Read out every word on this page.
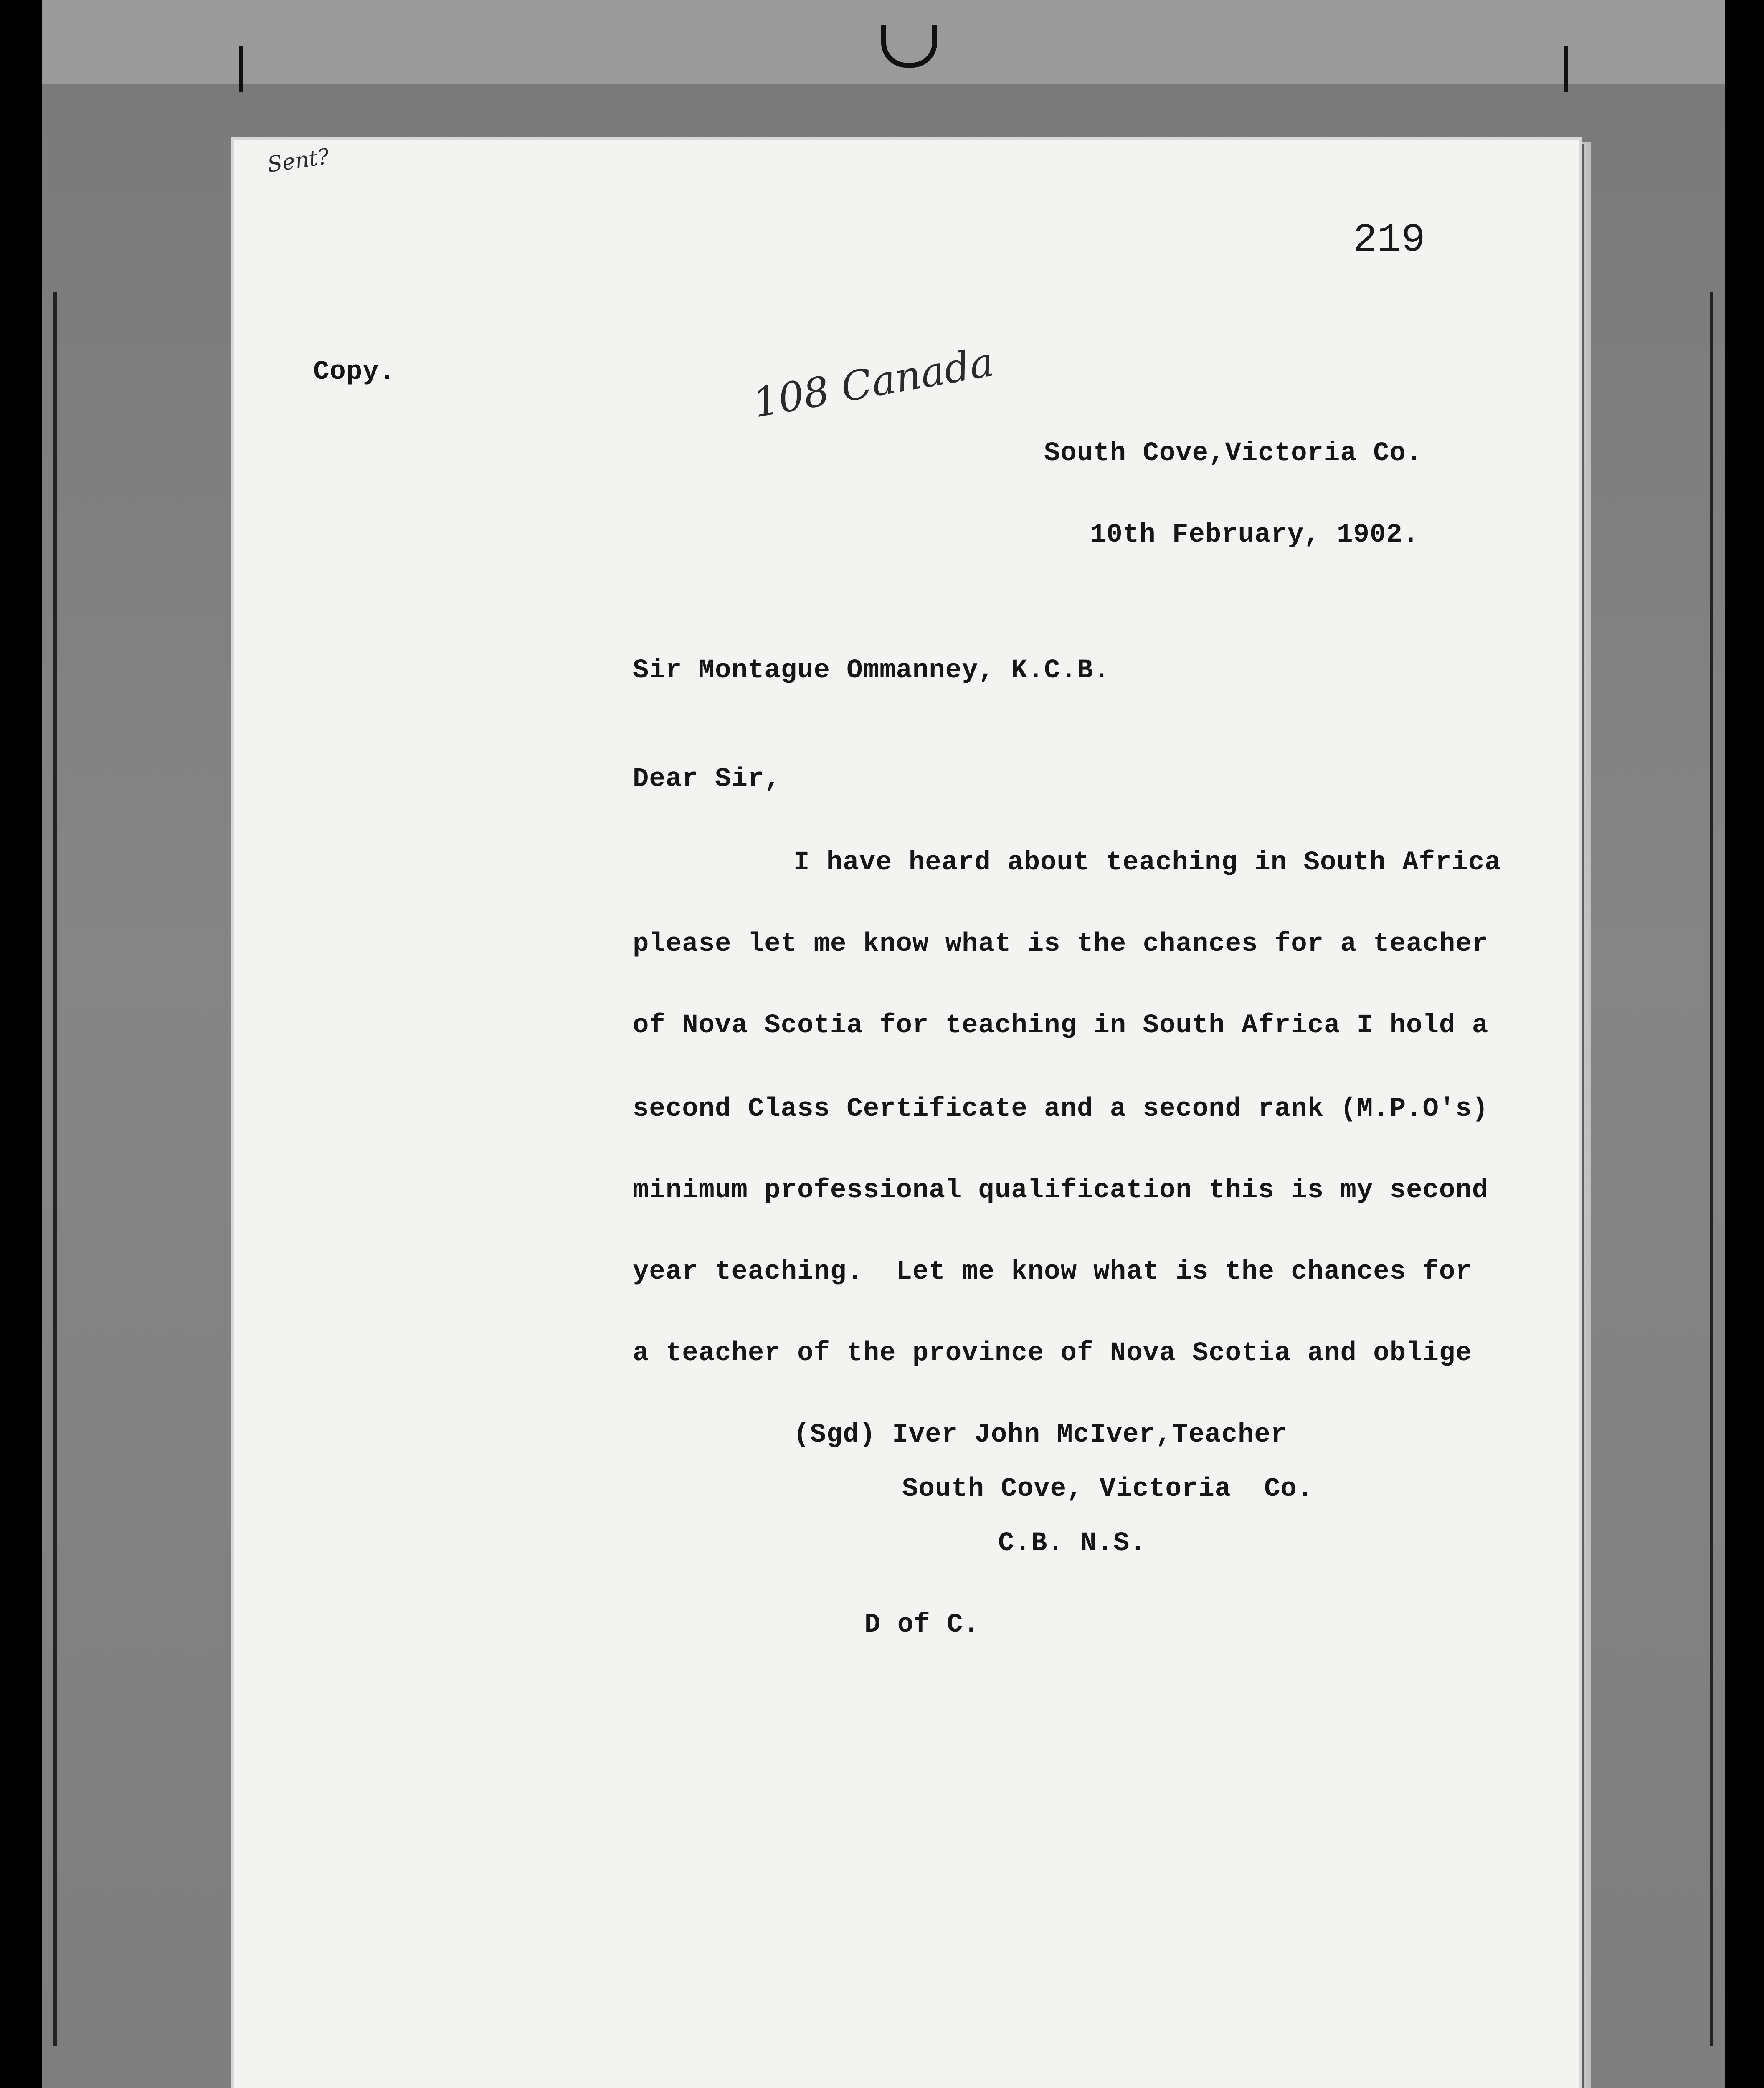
Sent?
219
Copy.	108 Canada
South Cove,Victoria Co.
10th February, 1902.
Sir Montague Ommanney, K.C.B.
Dear Sir,
I have heard about teaching in South Africa
please let me know what is the chances for a teacher
of Nova Scotia for teaching in South Africa I hold a
second Class Certificate and a second rank (M.P.O's)
minimum professional qualification this is my second
year teaching.  Let me know what is the chances for
a teacher of the province of Nova Scotia and oblige
(Sgd) Iver John McIver,Teacher
South Cove, Victoria  Co.
C.B. N.S.
D of C.
